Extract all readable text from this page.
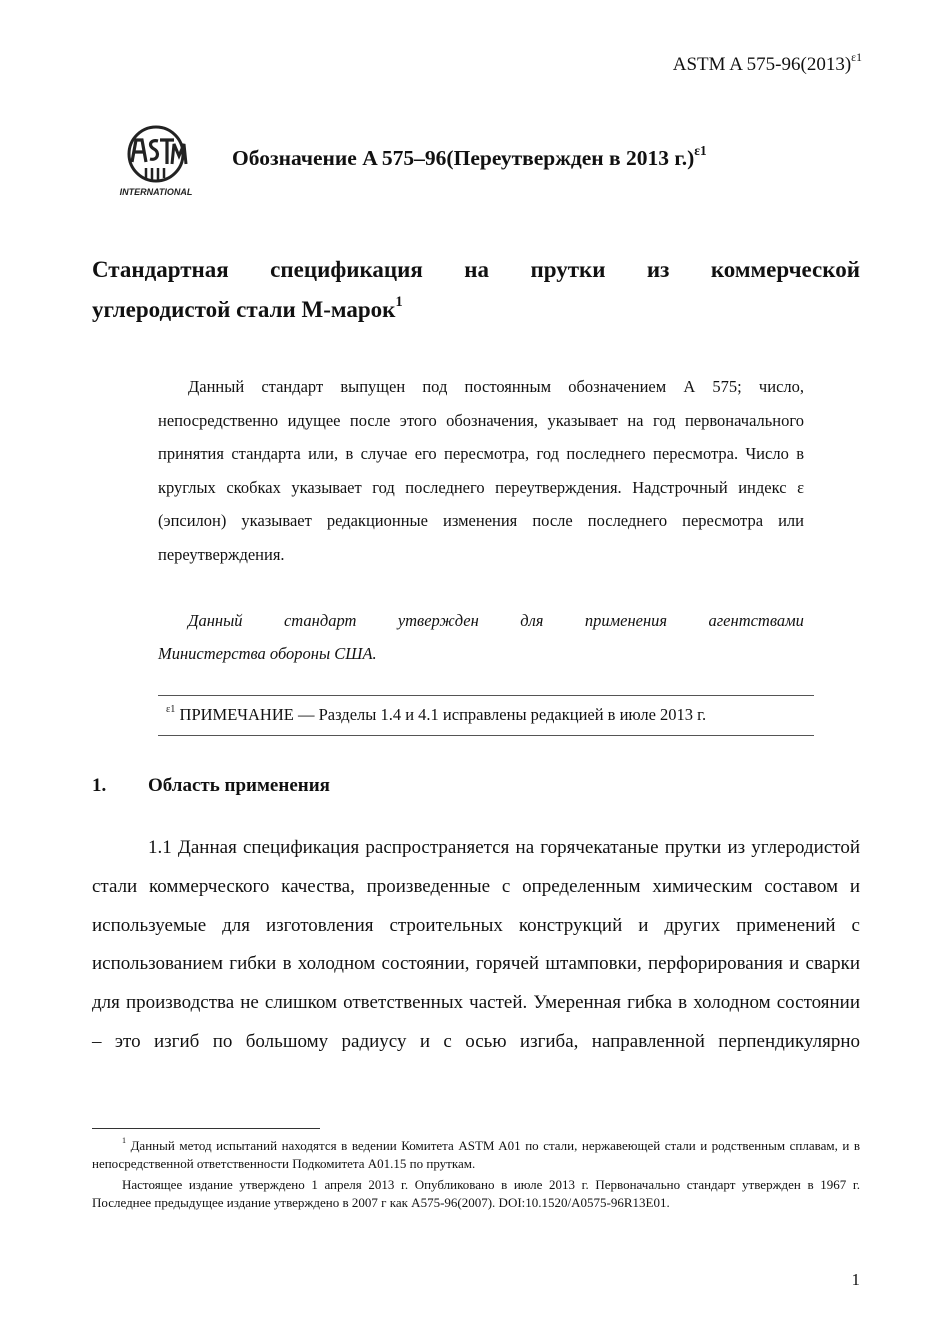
ASTM A $575-96(2013)^{\varepsilon 1}$
INTERNATIONAL
Обозначение A 575–96(Переутвержден в 2013 г.)$^{\varepsilon 1}$
Стандартная спецификация на прутки из коммерческой
углеродистой стали М-марок$^1$
Данный стандарт выпущен под постоянным обозначением А 575; число, непосредственно идущее после этого обозначения, указывает на год первоначального принятия стандарта или, в случае его пересмотра, год последнего пересмотра. Число в круглых скобках указывает год последнего переутверждения. Надстрочный индекс ε (эпсилон) указывает редакционные изменения после последнего пересмотра или переутверждения.
Данный	стандарт	утвержден	для	применения	агентствами
Министерства обороны США.
$^{\varepsilon 1}$ ПРИМЕЧАНИЕ — Разделы 1.4 и 4.1 исправлены редакцией в июле 2013 г.
1. Область применения
1.1 Данная спецификация распространяется на горячекатаные прутки из углеродистой стали коммерческого качества, произведенные с определенным химическим составом и используемые для изготовления строительных конструкций и других применений с использованием гибки в холодном состоянии, горячей штамповки, перфорирования и сварки для производства не слишком ответственных частей. Умеренная гибка в холодном состоянии – это изгиб по большому радиусу и с осью изгиба, направленной перпендикулярно
$^1$ Данный метод испытаний находятся в ведении Комитета ASTM A01 по стали, нержавеющей стали и родственным сплавам, и в непосредственной ответственности Подкомитета A01.15 по пруткам.
Настоящее издание утверждено 1 апреля 2013 г. Опубликовано в июле 2013 г. Первоначально стандарт утвержден в 1967 г. Последнее предыдущее издание утверждено в 2007 г как A575-96(2007). DOI:10.1520/A0575-96R13E01.
1
